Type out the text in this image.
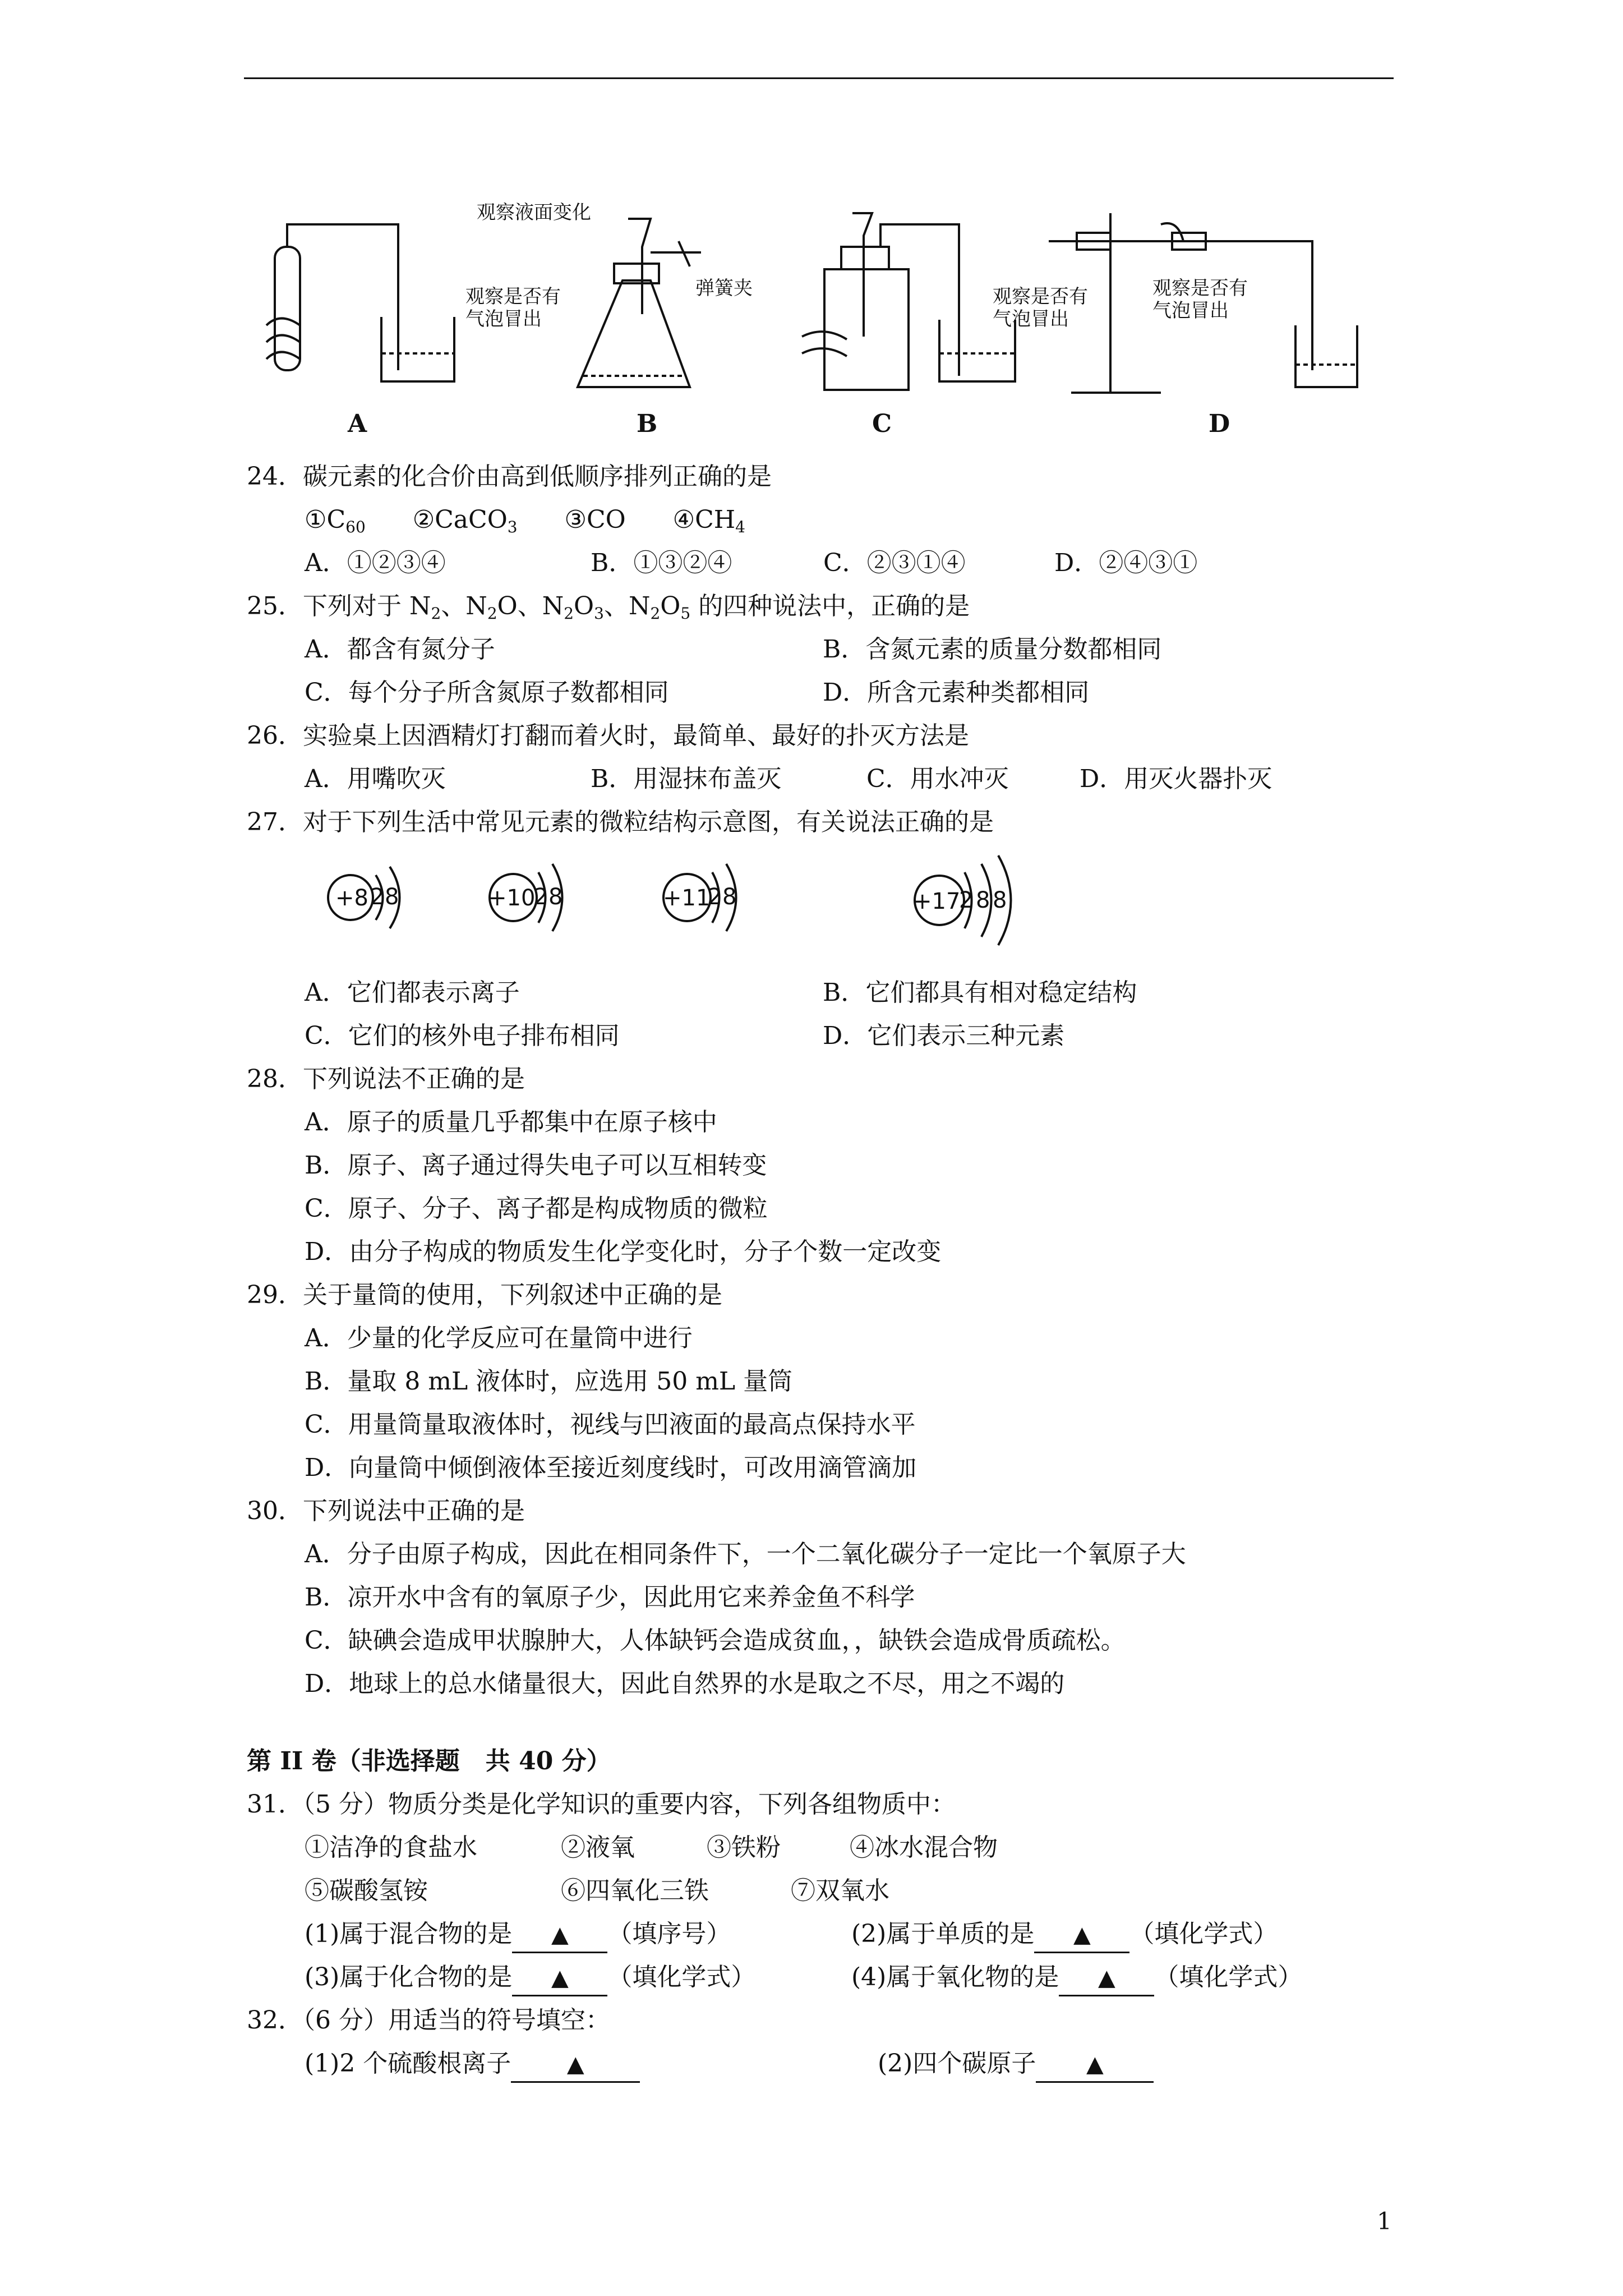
观察是否有
气泡冒出
观察液面变化
弹簧夹	观察是否有
气泡冒出
观察是否有
气泡冒出
A	B	C	D
24．碳元素的化合价由高到低顺序排列正确的是
$①C_{60}$ ②CaCO$_3$ ③CO $④CH_4$
A．①②③④	B．①③②④	C．②③①④	D．②④③①
25．下列对于 $N_2$、$N_2O$、$N_2O_3$、$N_2O_5$ 的四种说法中，正确的是
A．都含有氮分子	B．含氮元素的质量分数都相同
C．每个分子所含氮原子数都相同	D．所含元素种类都相同
26．实验桌上因酒精灯打翻而着火时，最简单、最好的扑灭方法是
A．用嘴吹灭	B．用湿抹布盖灭	C．用水冲灭	D．用灭火器扑灭
27．对于下列生活中常见元素的微粒结构示意图，有关说法正确的是
+8 2 8	+10
2 8	+11
2 8	+17
2 8 8
A．它们都表示离子	B．它们都具有相对稳定结构
C．它们的核外电子排布相同	D．它们表示三种元素
28．下列说法不正确的是
A．原子的质量几乎都集中在原子核中
B．原子、离子通过得失电子可以互相转变
C．原子、分子、离子都是构成物质的微粒
D．由分子构成的物质发生化学变化时，分子个数一定改变
29．关于量筒的使用，下列叙述中正确的是
A．少量的化学反应可在量筒中进行
B．量取 8 mL 液体时，应选用 50 mL 量筒
C．用量筒量取液体时，视线与凹液面的最高点保持水平
D．向量筒中倾倒液体至接近刻度线时，可改用滴管滴加
30．下列说法中正确的是
A．分子由原子构成，因此在相同条件下，一个二氧化碳分子一定比一个氧原子大
B．凉开水中含有的氧原子少，因此用它来养金鱼不科学
C．缺碘会造成甲状腺肿大，人体缺钙会造成贫血，，缺铁会造成骨质疏松。
D．地球上的总水储量很大，因此自然界的水是取之不尽，用之不竭的
第 II 卷（非选择题   共 40 分）
31．（5 分）物质分类是化学知识的重要内容，下列各组物质中：
①洁净的食盐水	②液氧	③铁粉	④冰水混合物
⑤碳酸氢铵	⑥四氧化三铁	⑦双氧水
(1)属于混合物的是 ▲ （填序号）	(2)属于单质的是 ▲ （填化学式）
(3)属于化合物的是 ▲ （填化学式）	(4)属于氧化物的是 ▲ （填化学式）
32．（6 分）用适当的符号填空：
(1)2 个硫酸根离子 ▲	(2)四个碳原子 ▲
1
